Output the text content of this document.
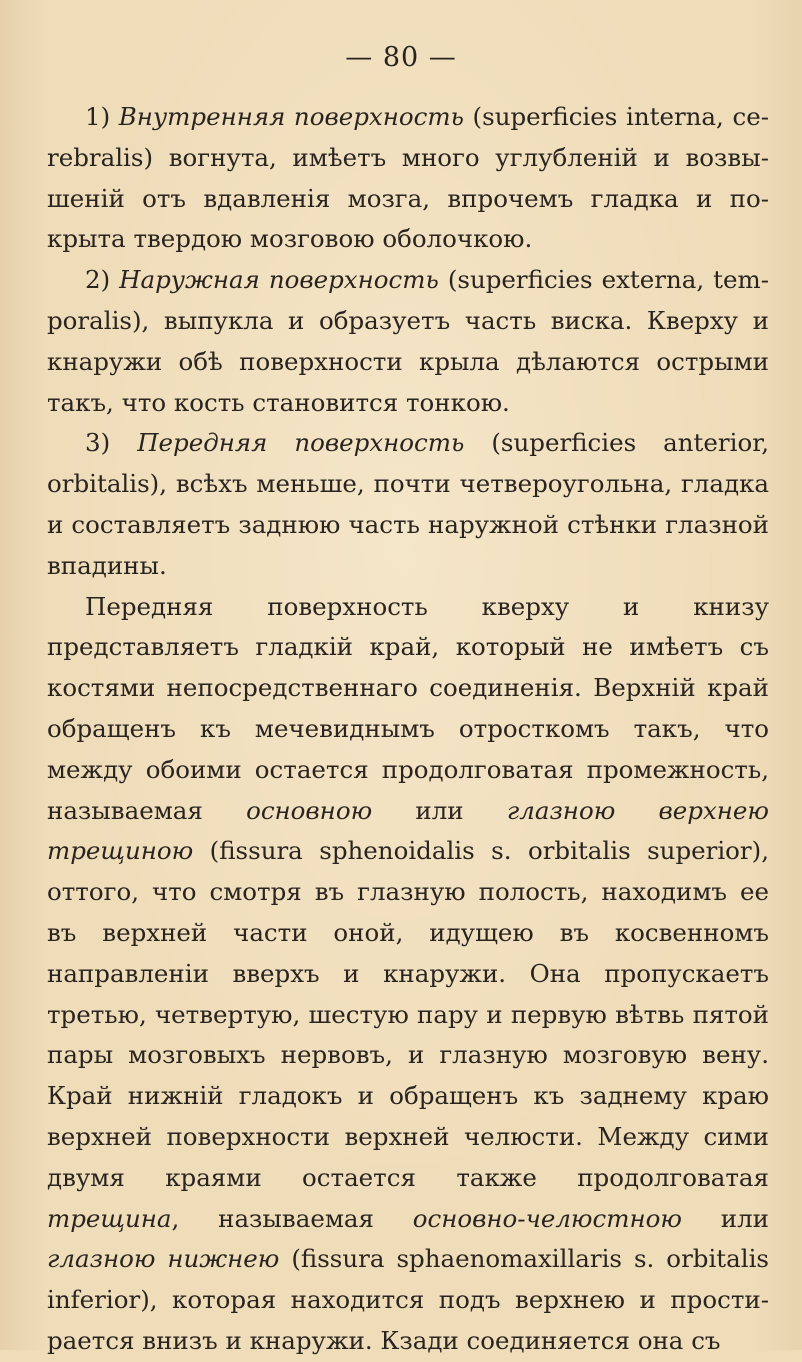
— 80 —

1) Внутренняя поверхность (superficies interna, cerebralis) вогнута, имѣетъ много углубленій и возвышеній отъ вдавленія мозга, впрочемъ гладка и покрыта твердою мозговою оболочкою.

2) Наружная поверхность (superficies externa, temporalis), выпукла и образуетъ часть виска. Кверху и кнаружи обѣ поверхности крыла дѣлаются острыми такъ, что кость становится тонкою.

3) Передняя поверхность (superficies anterior, orbitalis), всѣхъ меньше, почти четвероугольна, гладка и составляетъ заднюю часть наружной стѣнки глазной впадины.

Передняя поверхность кверху и книзу представляетъ гладкій край, который не имѣетъ съ костями непосредственнаго соединенія. Верхній край обращенъ къ мечевиднымъ отросткомъ такъ, что между обоими остается продолговатая промежность, называемая основною или глазною верхнею трещиною (fissura sphenoidalis s. orbitalis superior), оттого, что смотря въ глазную полость, находимъ ее въ верхней части оной, идущею въ косвенномъ направленіи вверхъ и кнаружи. Она пропускаетъ третью, четвертую, шестую пару и первую вѣтвь пятой пары мозговыхъ нервовъ, и глазную мозговую вену. Край нижній гладокъ и обращенъ къ заднему краю верхней поверхности верхней челюсти. Между сими двумя краями остается также продолговатая трещина, называемая основно-челюстною или глазною нижнею (fissura sphaenomaxillaris s. orbitalis inferior), которая находится подъ верхнею и простирается внизъ и кнаружи. Кзади соединяется она съ
